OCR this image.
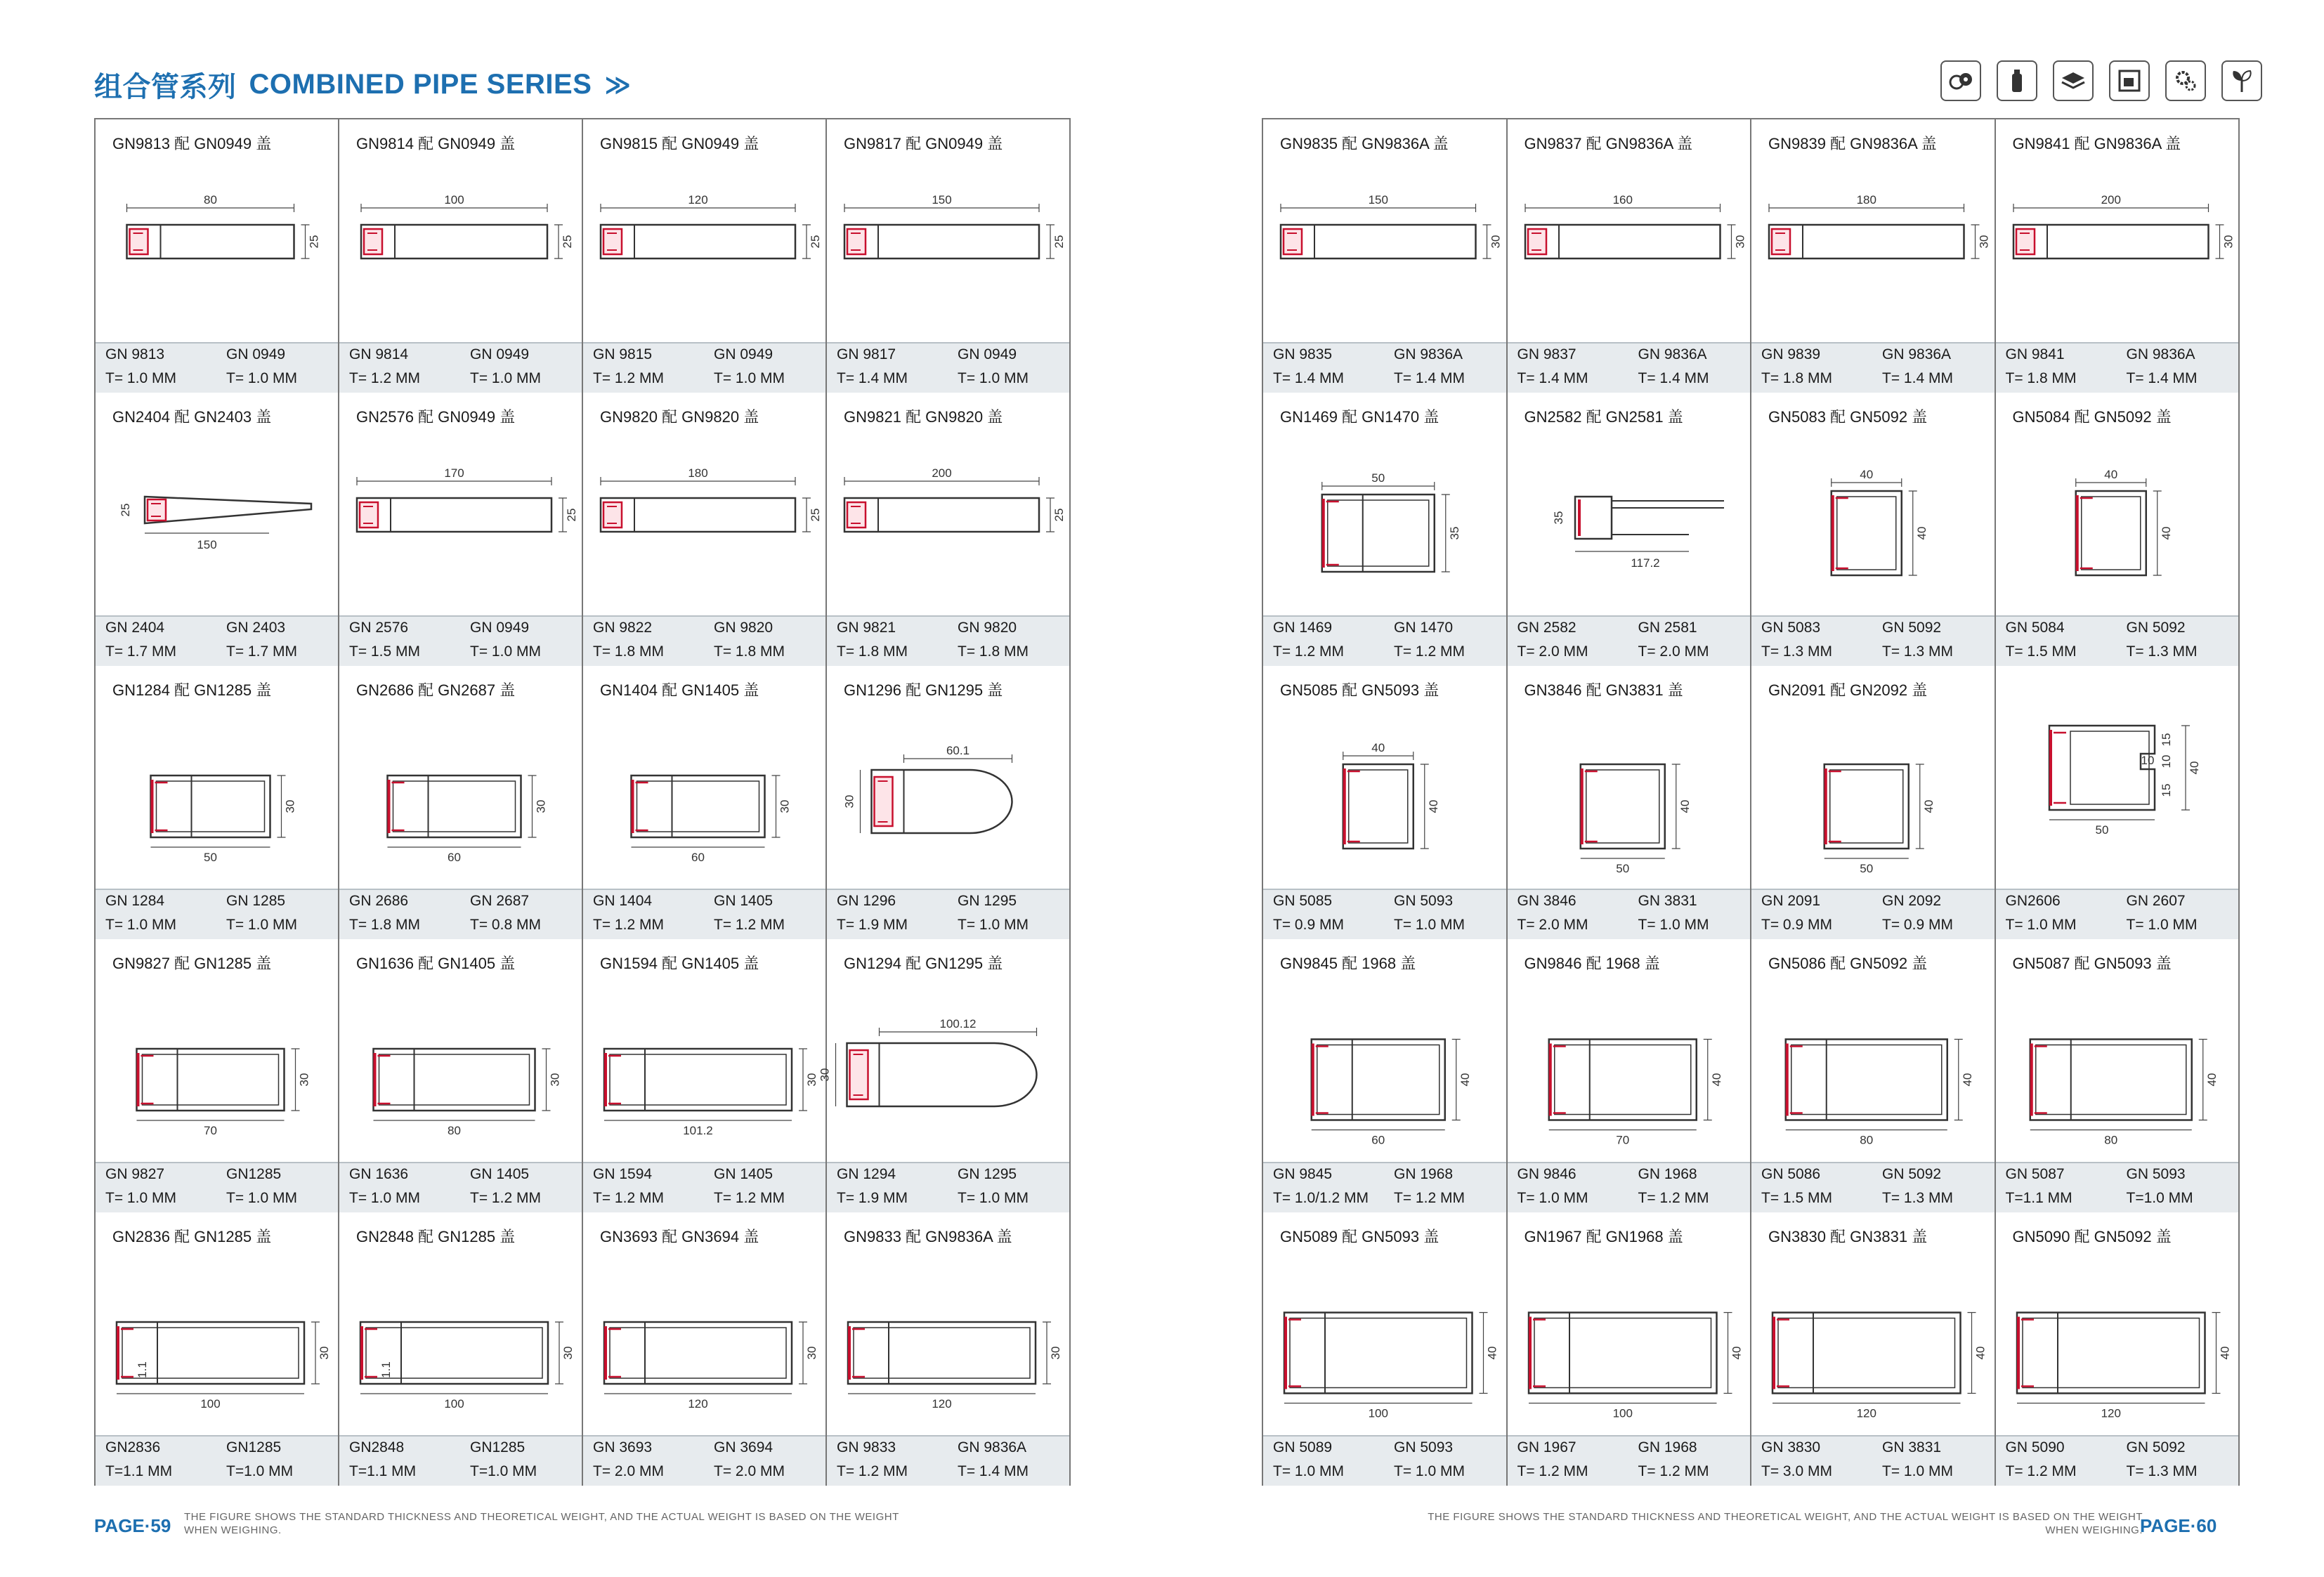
组合管系列 COMBINED PIPE SERIES ≫
80
25
GN9813 配 GN0949 盖
GN 9813	GN 0949
T= 1.0 MM	T= 1.0 MM
100
25
GN9814 配 GN0949 盖
GN 9814	GN 0949
T= 1.2 MM	T= 1.0 MM
120
25
GN9815 配 GN0949 盖
GN 9815	GN 0949
T= 1.2 MM	T= 1.0 MM
150
25
GN9817 配 GN0949 盖
GN 9817	GN 0949
T= 1.4 MM	T= 1.0 MM
150
25
GN2404 配 GN2403 盖
GN 2404	GN 2403
T= 1.7 MM	T= 1.7 MM
170
25
GN2576 配 GN0949 盖
GN 2576	GN 0949
T= 1.5 MM	T= 1.0 MM
180
25
GN9820 配 GN9820 盖
GN 9822	GN 9820
T= 1.8 MM	T= 1.8 MM
200
25
GN9821 配 GN9820 盖
GN 9821	GN 9820
T= 1.8 MM	T= 1.8 MM
50
30
GN1284 配 GN1285 盖
GN 1284	GN 1285
T= 1.0 MM	T= 1.0 MM
60
30
GN2686 配 GN2687 盖
GN 2686	GN 2687
T= 1.8 MM	T= 0.8 MM
60
30
GN1404 配 GN1405 盖
GN 1404	GN 1405
T= 1.2 MM	T= 1.2 MM
60.1
30
GN1296 配 GN1295 盖
GN 1296	GN 1295
T= 1.9 MM	T= 1.0 MM
70
30
GN9827 配 GN1285 盖
GN 9827	GN1285
T= 1.0 MM	T= 1.0 MM
80
30
GN1636 配 GN1405 盖
GN 1636	GN 1405
T= 1.0 MM	T= 1.2 MM
101.2
30
GN1594 配 GN1405 盖
GN 1594	GN 1405
T= 1.2 MM	T= 1.2 MM
100.12
30
GN1294 配 GN1295 盖
GN 1294	GN 1295
T= 1.9 MM	T= 1.0 MM
100
30
1.1
GN2836 配 GN1285 盖
GN2836	GN1285
T=1.1 MM	T=1.0 MM
100
30
1.1
GN2848 配 GN1285 盖
GN2848	GN1285
T=1.1 MM	T=1.0 MM
120
30
GN3693 配 GN3694 盖
GN 3693	GN 3694
T= 2.0 MM	T= 2.0 MM
120
30
GN9833 配 GN9836A 盖
GN 9833	GN 9836A
T= 1.2 MM	T= 1.4 MM
150
30
GN9835 配 GN9836A 盖
GN 9835	GN 9836A
T= 1.4 MM	T= 1.4 MM
160
30
GN9837 配 GN9836A 盖
GN 9837	GN 9836A
T= 1.4 MM	T= 1.4 MM
180
30
GN9839 配 GN9836A 盖
GN 9839	GN 9836A
T= 1.8 MM	T= 1.4 MM
200
30
GN9841 配 GN9836A 盖
GN 9841	GN 9836A
T= 1.8 MM	T= 1.4 MM
50
35
GN1469 配 GN1470 盖
GN 1469	GN 1470
T= 1.2 MM	T= 1.2 MM
117.2
35
GN2582 配 GN2581 盖
GN 2582	GN 2581
T= 2.0 MM	T= 2.0 MM
40
40
GN5083 配 GN5092 盖
GN 5083	GN 5092
T= 1.3 MM	T= 1.3 MM
40
40
GN5084 配 GN5092 盖
GN 5084	GN 5092
T= 1.5 MM	T= 1.3 MM
40
40
GN5085 配 GN5093 盖
GN 5085	GN 5093
T= 0.9 MM	T= 1.0 MM
50
40
GN3846 配 GN3831 盖
GN 3846	GN 3831
T= 2.0 MM	T= 1.0 MM
50
40
GN2091 配 GN2092 盖
GN 2091	GN 2092
T= 0.9 MM	T= 0.9 MM
50
15
10
15
10
40
GN2606	GN 2607
T= 1.0 MM	T= 1.0 MM
60
40
GN9845 配 1968 盖
GN 9845	GN 1968
T= 1.0/1.2 MM T= 1.2 MM
70
40
GN9846 配 1968 盖
GN 9846	GN 1968
T= 1.0 MM	T= 1.2 MM
80
40
GN5086 配 GN5092 盖
GN 5086	GN 5092
T= 1.5 MM	T= 1.3 MM
80
40
GN5087 配 GN5093 盖
GN 5087	GN 5093
T=1.1 MM	T=1.0 MM
100
40
GN5089 配 GN5093 盖
GN 5089	GN 5093
T= 1.0 MM	T= 1.0 MM
100
40
GN1967 配 GN1968 盖
GN 1967	GN 1968
T= 1.2 MM	T= 1.2 MM
120
40
GN3830 配 GN3831 盖
GN 3830	GN 3831
T= 3.0 MM	T= 1.0 MM
120
40
GN5090 配 GN5092 盖
GN 5090	GN 5092
T= 1.2 MM	T= 1.3 MM
PAGE·59 THE FIGURE SHOWS THE STANDARD THICKNESS AND THEORETICAL WEIGHT, AND THE ACTUAL WEIGHT IS BASED ON THE WEIGHT WHEN WEIGHING.
THE FIGURE SHOWS THE STANDARD THICKNESS AND THEORETICAL WEIGHT, AND THE ACTUAL WEIGHT IS BASED ON THE WEIGHT WHEN WEIGHING.
PAGE·60
